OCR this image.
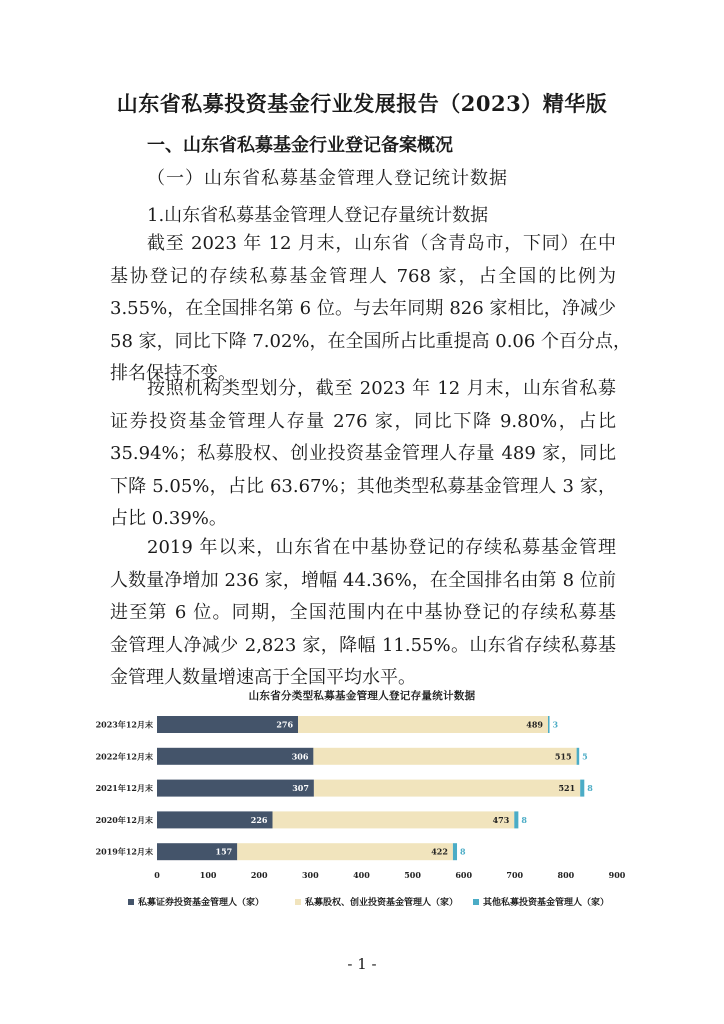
山东省私募投资基金行业发展报告（2023）精华版
一、山东省私募基金行业登记备案概况
（一）山东省私募基金管理人登记统计数据
1.山东省私募基金管理人登记存量统计数据
截至 2023 年 12 月末，山东省（含青岛市，下同）在中
基协登记的存续私募基金管理人 768 家，占全国的比例为
3.55%，在全国排名第 6 位。与去年同期 826 家相比，净减少
58 家，同比下降 7.02%，在全国所占比重提高 0.06 个百分点，
排名保持不变。
按照机构类型划分，截至 2023 年 12 月末，山东省私募
证券投资基金管理人存量 276 家，同比下降 9.80%，占比
35.94%；私募股权、创业投资基金管理人存量 489 家，同比
下降 5.05%，占比 63.67%；其他类型私募基金管理人 3 家，
占比 0.39%。
2019 年以来，山东省在中基协登记的存续私募基金管理
人数量净增加 236 家，增幅 44.36%，在全国排名由第 8 位前
进至第 6 位。同期，全国范围内在中基协登记的存续私募基
金管理人净减少 2,823 家，降幅 11.55%。山东省存续私募基
金管理人数量增速高于全国平均水平。
山东省分类型私募基金管理人登记存量统计数据
2023年12月末	276	489 3
2022年12月末	306	515 5
2021年12月末	307	521 8
2020年12月末	226	473 8
2019年12月末	157	422 8
0	100	200	300	400	500	600	700	800	900
私募证券投资基金管理人（家）	私募股权、创业投资基金管理人（家）	其他私募投资基金管理人（家）
- 1 -
